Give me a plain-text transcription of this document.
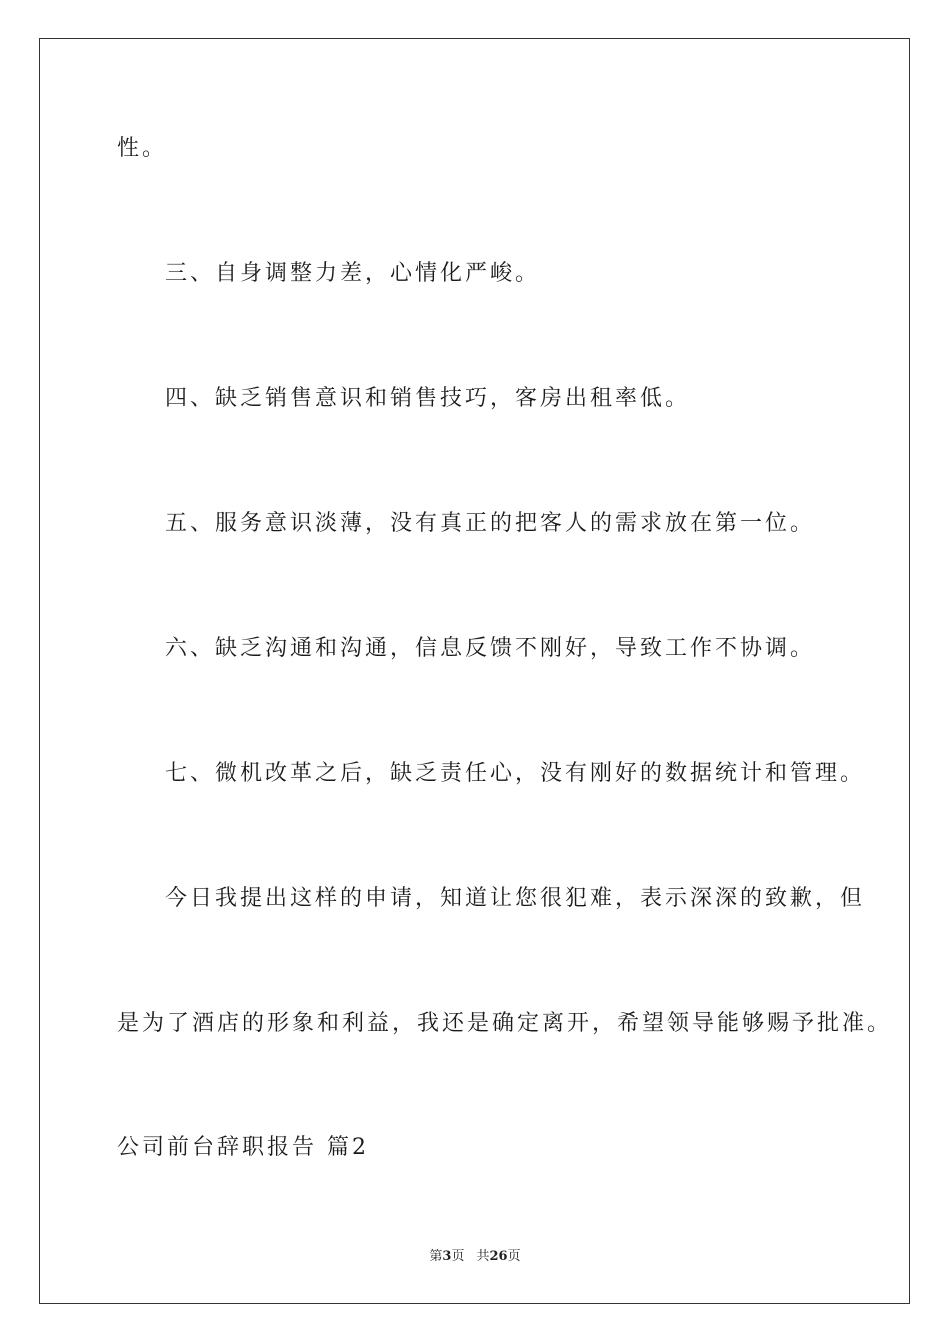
性。
三、自身调整力差，心情化严峻。
四、缺乏销售意识和销售技巧，客房出租率低。
五、服务意识淡薄，没有真正的把客人的需求放在第一位。
六、缺乏沟通和沟通，信息反馈不刚好，导致工作不协调。
七、微机改革之后，缺乏责任心，没有刚好的数据统计和管理。
今日我提出这样的申请，知道让您很犯难，表示深深的致歉，但
是为了酒店的形象和利益，我还是确定离开，希望领导能够赐予批准。
公司前台辞职报告 篇2
第3页 共26页
